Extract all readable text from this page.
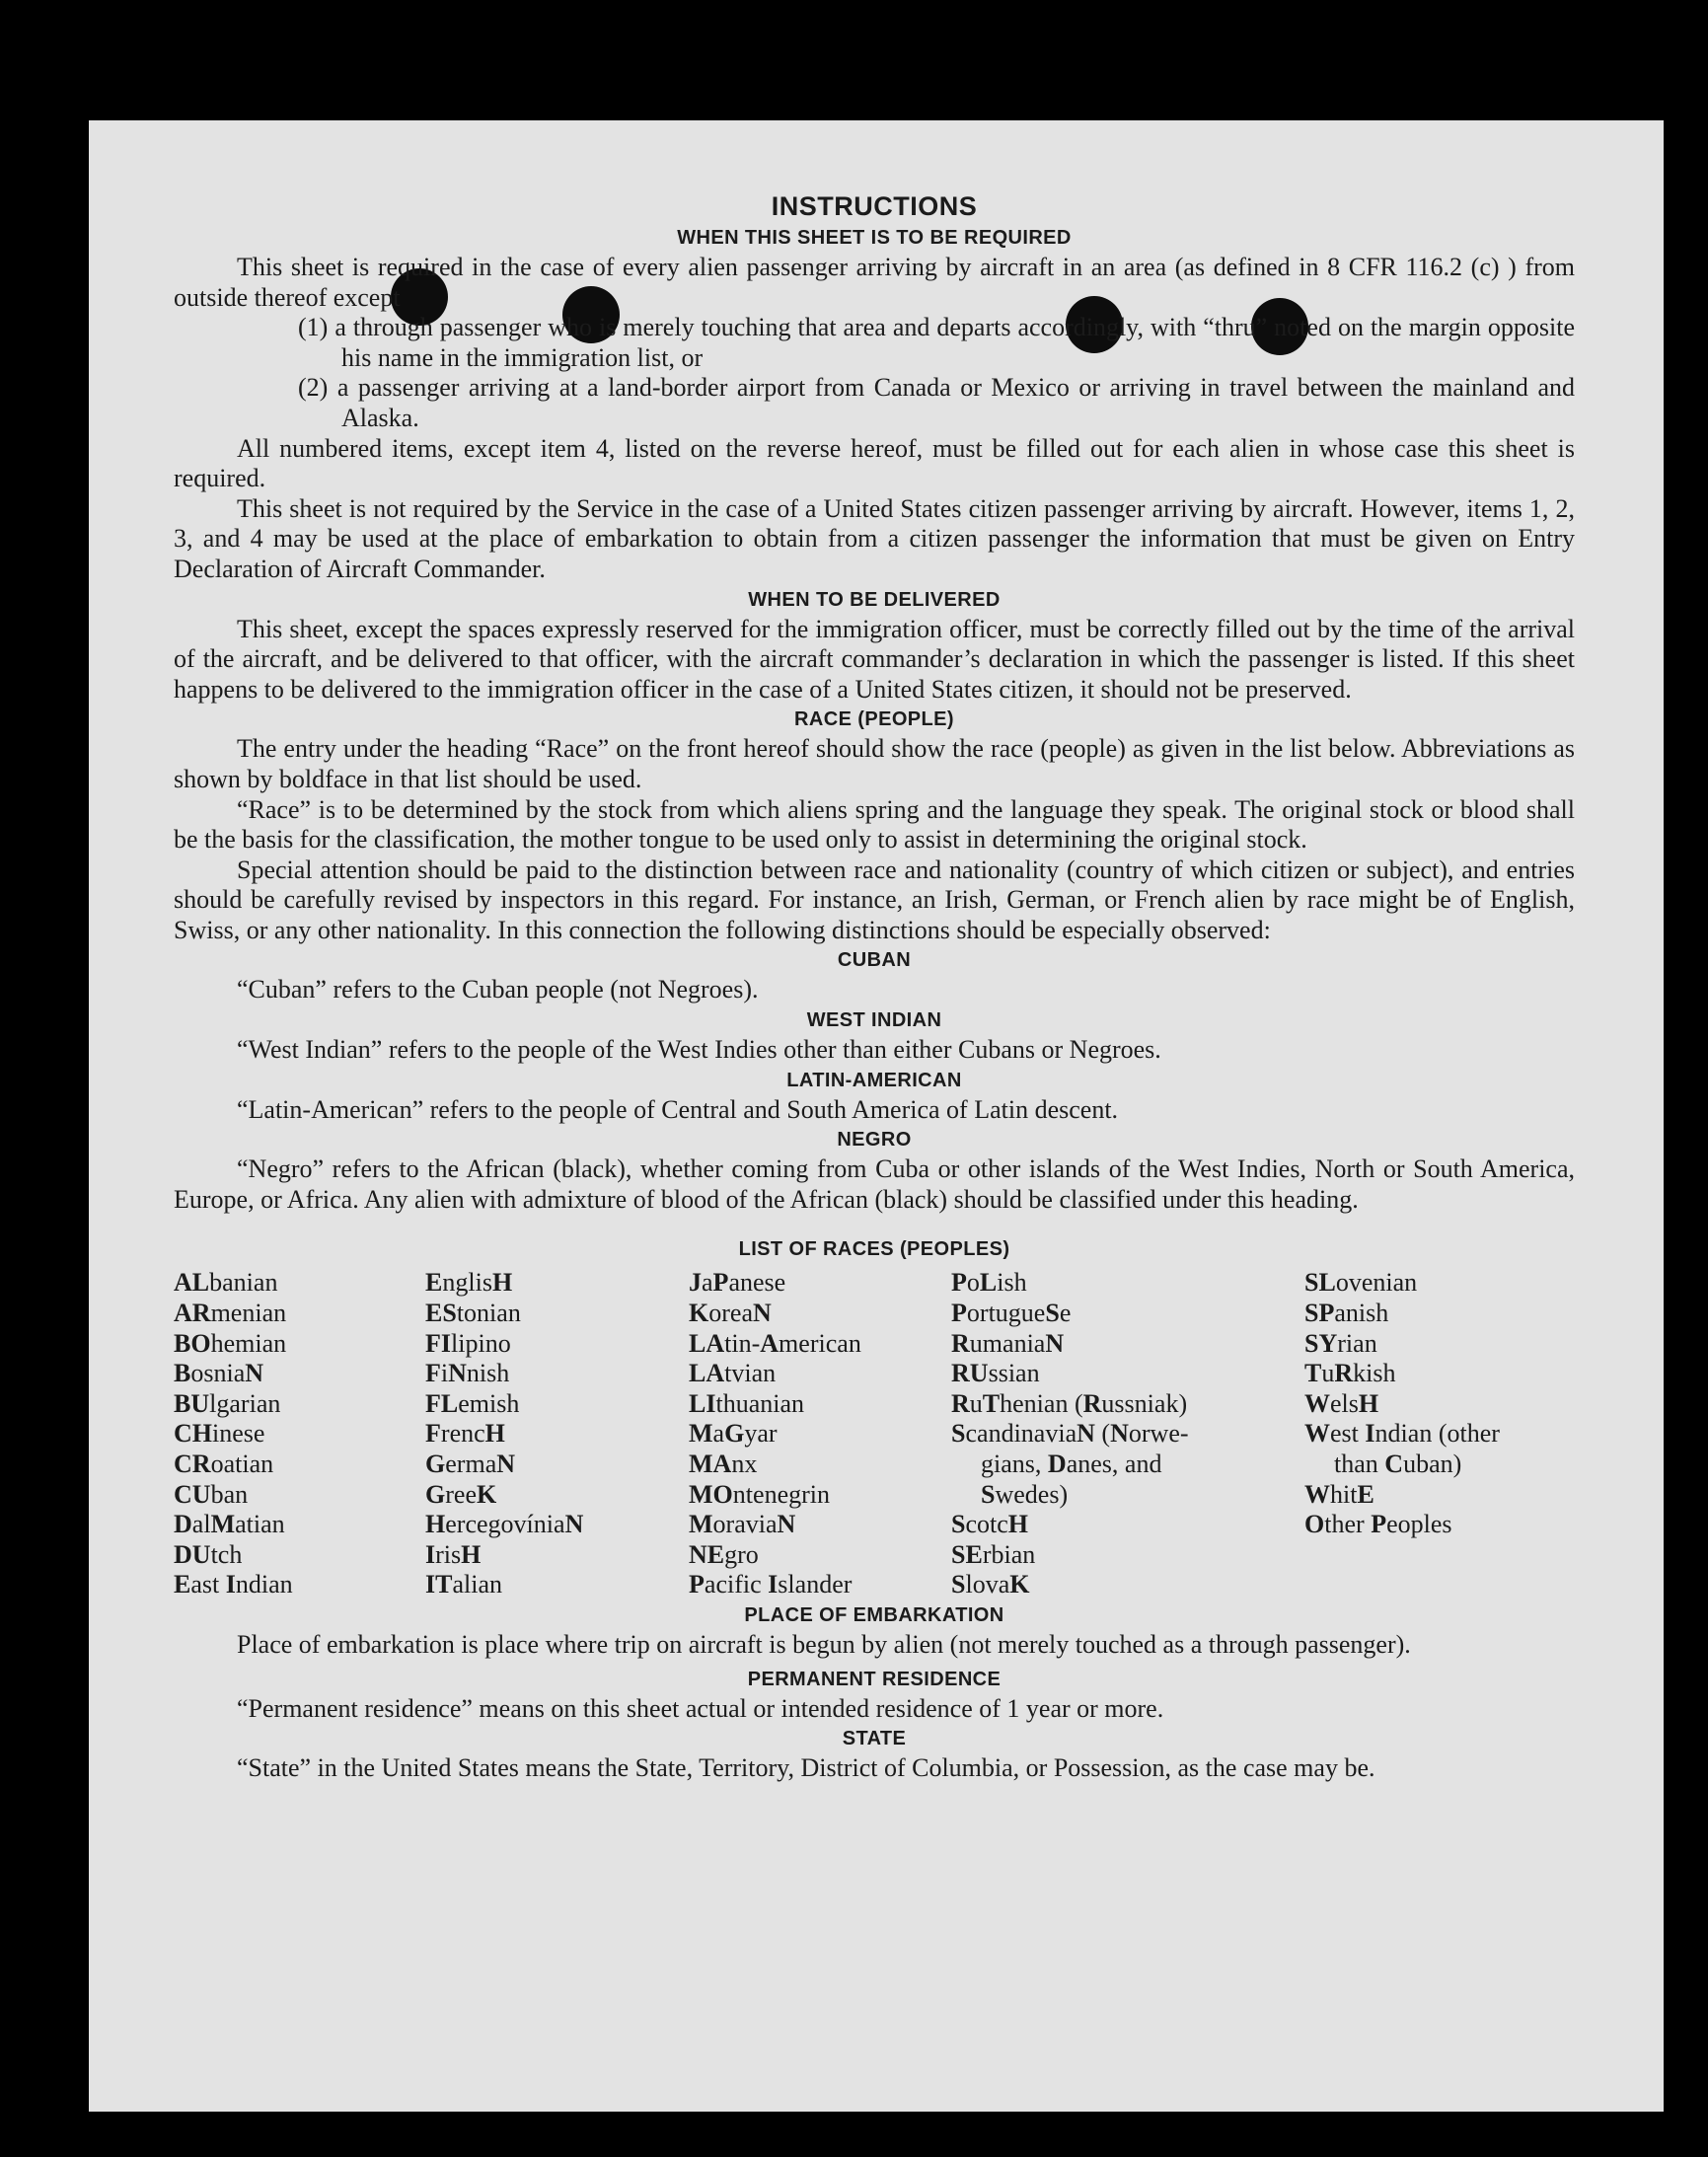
INSTRUCTIONS
WHEN THIS SHEET IS TO BE REQUIRED

This sheet is required in the case of every alien passenger arriving by aircraft in an area (as defined in 8 CFR 116.2 (c) ) from outside thereof except

(1) a through passenger who is merely touching that area and departs accordingly, with “thru” noted on the margin opposite his name in the immigration list, or

(2) a passenger arriving at a land-border airport from Canada or Mexico or arriving in travel between the mainland and Alaska.

All numbered items, except item 4, listed on the reverse hereof, must be filled out for each alien in whose case this sheet is required.

This sheet is not required by the Service in the case of a United States citizen passenger arriving by aircraft. However, items 1, 2, 3, and 4 may be used at the place of embarkation to obtain from a citizen passenger the information that must be given on Entry Declaration of Aircraft Commander.

WHEN TO BE DELIVERED

This sheet, except the spaces expressly reserved for the immigration officer, must be correctly filled out by the time of the arrival of the aircraft, and be delivered to that officer, with the aircraft commander’s declaration in which the passenger is listed. If this sheet happens to be delivered to the immigration officer in the case of a United States citizen, it should not be preserved.

RACE (PEOPLE)

The entry under the heading “Race” on the front hereof should show the race (people) as given in the list below. Abbreviations as shown by boldface in that list should be used.

“Race” is to be determined by the stock from which aliens spring and the language they speak. The original stock or blood shall be the basis for the classification, the mother tongue to be used only to assist in determining the original stock.

Special attention should be paid to the distinction between race and nationality (country of which citizen or subject), and entries should be carefully revised by inspectors in this regard. For instance, an Irish, German, or French alien by race might be of English, Swiss, or any other nationality. In this connection the following distinctions should be especially observed:

CUBAN

“Cuban” refers to the Cuban people (not Negroes).

WEST INDIAN

“West Indian” refers to the people of the West Indies other than either Cubans or Negroes.

LATIN-AMERICAN

“Latin-American” refers to the people of Central and South America of Latin descent.

NEGRO

“Negro” refers to the African (black), whether coming from Cuba or other islands of the West Indies, North or South America, Europe, or Africa. Any alien with admixture of blood of the African (black) should be classified under this heading.

LIST OF RACES (PEOPLES)
ALbanian
ARmenian
BOhemian
BosniaN
BUlgarian
CHinese
CRoatian
CUban
DalMatian
DUtch
East Indian
EnglisH
EStonian
FIlipino
FiNnish
FLemish
FrencH
GermaN
GreeK
HercegovíniaN
IrisH
ITalian
JaPanese
KoreaN
LAtin-American
LAtvian
LIthuanian
MaGyar
MAnx
MOntenegrin
MoraviaN
NEgro
Pacific Islander
PoLish
PortugueSe
RumaniaN
RUssian
RuThenian (Russniak)
ScandinaviaN (Norwe-
gians, Danes, and
Swedes)
ScotcH
SErbian
SlovaK
SLovenian
SPanish
SYrian
TuRkish
WelsH
West Indian (other
than Cuban)
WhitE
Other Peoples
PLACE OF EMBARKATION

Place of embarkation is place where trip on aircraft is begun by alien (not merely touched as a through passenger).

PERMANENT RESIDENCE

“Permanent residence” means on this sheet actual or intended residence of 1 year or more.

STATE

“State” in the United States means the State, Territory, District of Columbia, or Possession, as the case may be.
